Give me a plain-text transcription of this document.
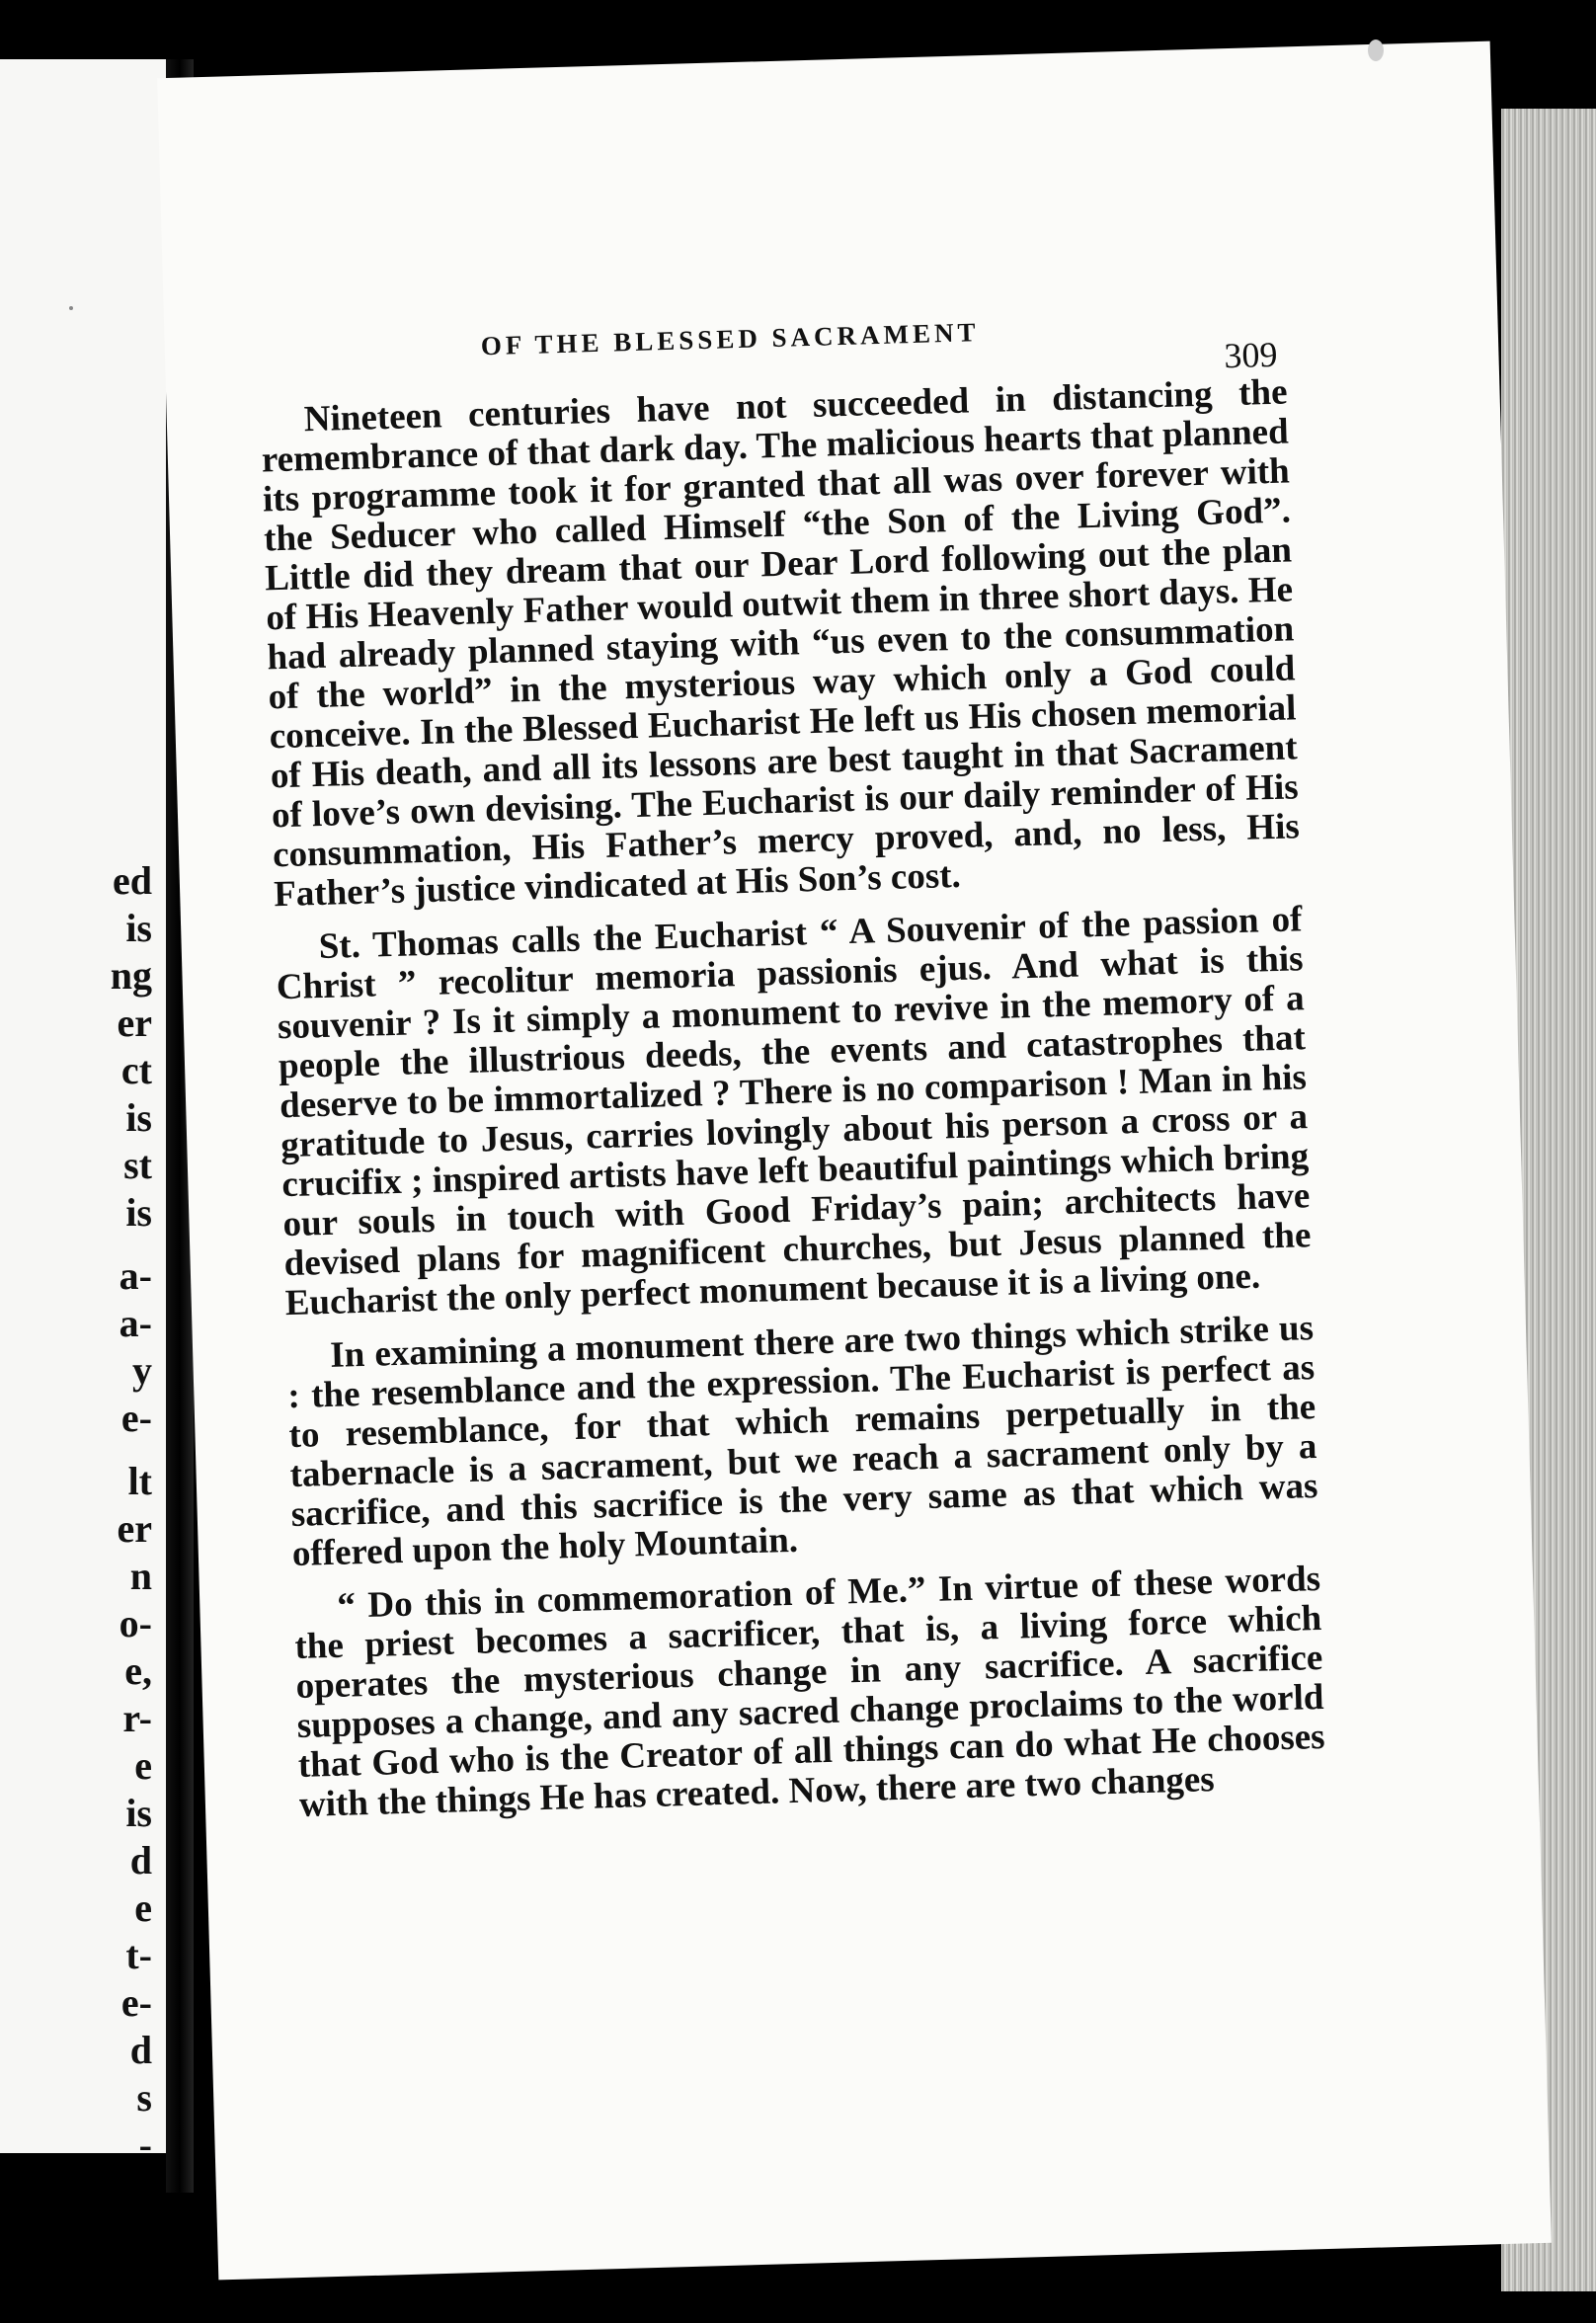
ed
is
ng
er
ct
is
st
is
a-
a-
y
e-
lt
er
n
o-
e,
r-
e
is
d
e
t-
e-
d
s
-
OF THE BLESSED SACRAMENT	309

Nineteen centuries have not succeeded in distancing the remembrance of that dark day. The malicious hearts that planned its programme took it for granted that all was over forever with the Seducer who called Himself “the Son of the Living God”. Little did they dream that our Dear Lord following out the plan of His Heavenly Father would outwit them in three short days. He had already planned staying with “us even to the consummation of the world” in the mysterious way which only a God could conceive. In the Blessed Eucharist He left us His chosen memorial of His death, and all its lessons are best taught in that Sacrament of love’s own devising. The Eucharist is our daily reminder of His consummation, His Father’s mercy proved, and, no less, His Father’s justice vindicated at His Son’s cost.

St. Thomas calls the Eucharist “ A Souvenir of the passion of Christ ” recolitur memoria passionis ejus. And what is this souvenir ? Is it simply a monument to revive in the memory of a people the illustrious deeds, the events and catastrophes that deserve to be immortalized ? There is no comparison ! Man in his gratitude to Jesus, carries lovingly about his person a cross or a crucifix ; inspired artists have left beautiful paintings which bring our souls in touch with Good Friday’s pain; architects have devised plans for magnificent churches, but Jesus planned the Eucharist the only perfect monument because it is a living one.

In examining a monument there are two things which strike us : the resemblance and the expression. The Eucharist is perfect as to resemblance, for that which remains perpetually in the tabernacle is a sacrament, but we reach a sacrament only by a sacrifice, and this sacrifice is the very same as that which was offered upon the holy Mountain.

“ Do this in commemoration of Me.” In virtue of these words the priest becomes a sacrificer, that is, a living force which operates the mysterious change in any sacrifice. A sacrifice supposes a change, and any sacred change proclaims to the world that God who is the Creator of all things can do what He chooses with the things He has created. Now, there are two changes
